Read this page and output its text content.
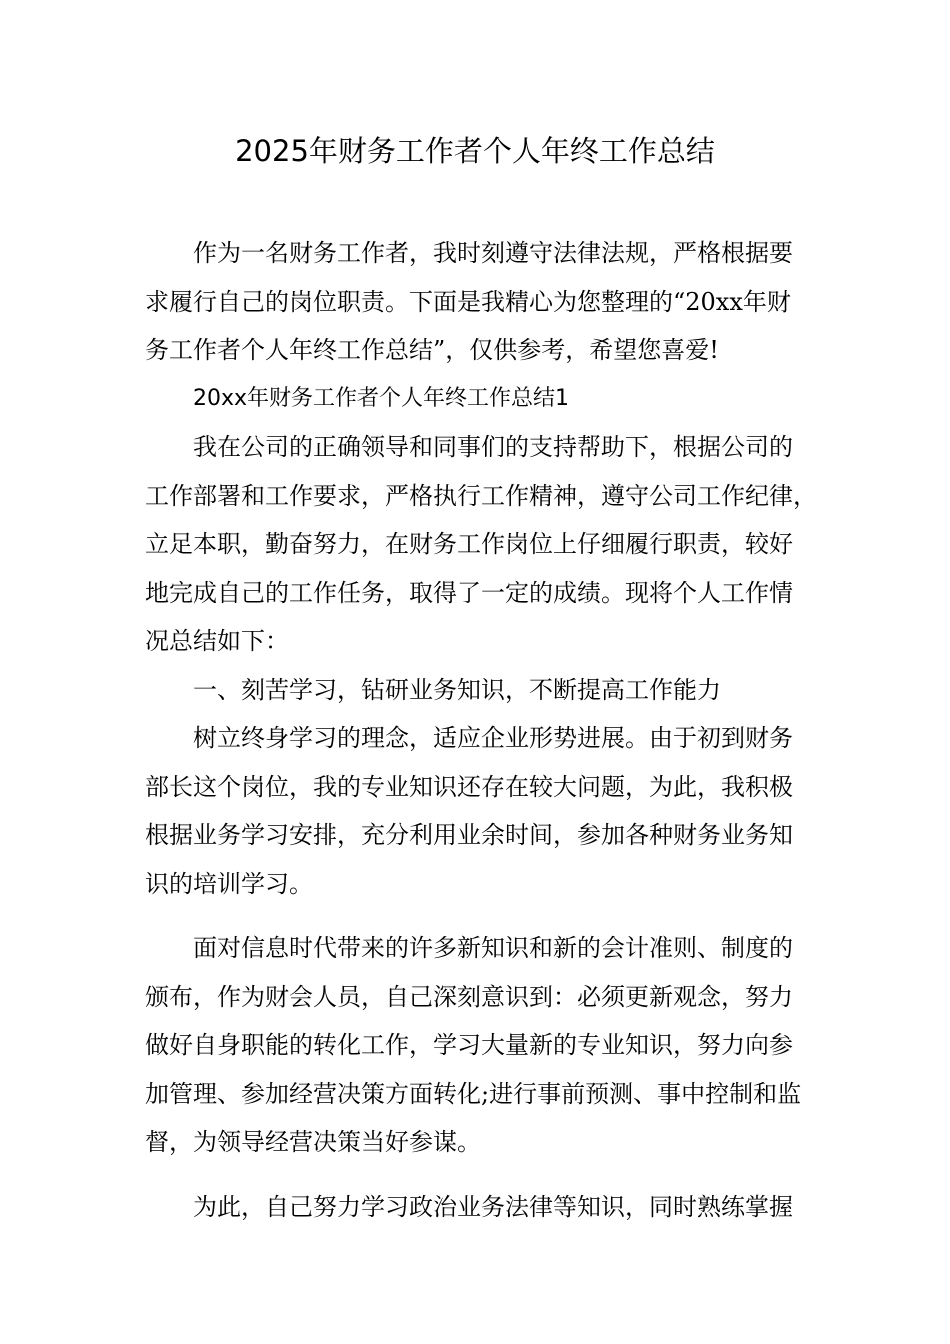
2025年财务工作者个人年终工作总结
作为一名财务工作者，我时刻遵守法律法规，严格根据要
求履行自己的岗位职责。下面是我精心为您整理的“20xx年财
务工作者个人年终工作总结”，仅供参考，希望您喜爱!
20xx年财务工作者个人年终工作总结1
我在公司的正确领导和同事们的支持帮助下，根据公司的
工作部署和工作要求，严格执行工作精神，遵守公司工作纪律，
立足本职，勤奋努力，在财务工作岗位上仔细履行职责，较好
地完成自己的工作任务，取得了一定的成绩。现将个人工作情
况总结如下：
一、刻苦学习，钻研业务知识，不断提高工作能力
树立终身学习的理念，适应企业形势进展。由于初到财务
部长这个岗位，我的专业知识还存在较大问题，为此，我积极
根据业务学习安排，充分利用业余时间，参加各种财务业务知
识的培训学习。
面对信息时代带来的许多新知识和新的会计准则、制度的
颁布，作为财会人员，自己深刻意识到：必须更新观念，努力
做好自身职能的转化工作，学习大量新的专业知识，努力向参
加管理、参加经营决策方面转化;进行事前预测、事中控制和监
督，为领导经营决策当好参谋。
为此，自己努力学习政治业务法律等知识，同时熟练掌握
